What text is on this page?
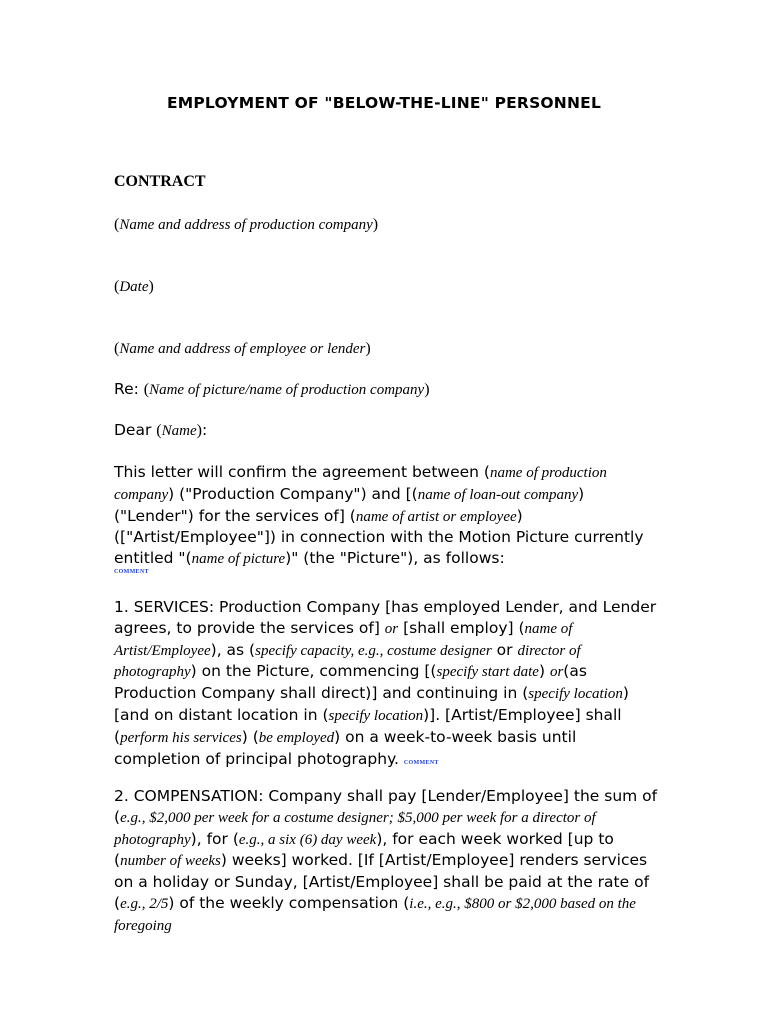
EMPLOYMENT OF "BELOW-THE-LINE" PERSONNEL
CONTRACT
(Name and address of production company)
(Date)
(Name and address of employee or lender)
Re: (Name of picture/name of production company)
Dear (Name):
This letter will confirm the agreement between (name of production company) ("Production Company") and [(name of loan-out company) ("Lender") for the services of] (name of artist or employee) (["Artist/Employee"]) in connection with the Motion Picture currently entitled "(name of picture)" (the "Picture"), as follows:
COMMENT
1. SERVICES: Production Company [has employed Lender, and Lender agrees, to provide the services of] or [shall employ] (name of Artist/Employee), as (specify capacity, e.g., costume designer or director of photography) on the Picture, commencing [(specify start date) or(as Production Company shall direct)] and continuing in (specify location) [and on distant location in (specify location)]. [Artist/Employee] shall (perform his services) (be employed) on a week-to-week basis until completion of principal photography. COMMENT
2. COMPENSATION: Company shall pay [Lender/Employee] the sum of (e.g., $2,000 per week for a costume designer; $5,000 per week for a director of photography), for (e.g., a six (6) day week), for each week worked [up to (number of weeks) weeks] worked. [If [Artist/Employee] renders services on a holiday or Sunday, [Artist/Employee] shall be paid at the rate of (e.g., 2/5) of the weekly compensation (i.e., e.g., $800 or $2,000 based on the foregoing
